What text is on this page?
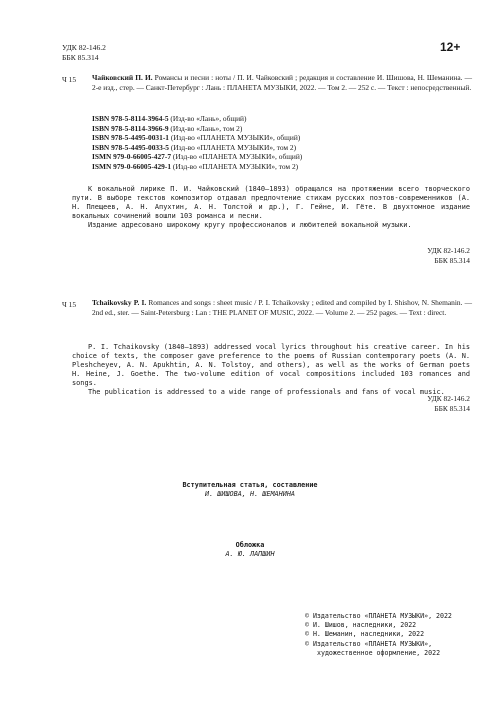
УДК 82-146.2
ББК 85.314
12+
Ч 15 Чайковский П. И. Романсы и песни : ноты / П. И. Чайковский ; редакция и составление И. Шишова, Н. Шеманина. — 2-е изд., стер. — Санкт-Петербург : Лань : ПЛАНЕТА МУЗЫКИ, 2022. — Том 2. — 252 с. — Текст : непосредственный.
ISBN 978-5-8114-3964-5 (Изд-во «Лань», общий)
ISBN 978-5-8114-3966-9 (Изд-во «Лань», том 2)
ISBN 978-5-4495-0031-1 (Изд-во «ПЛАНЕТА МУЗЫКИ», общий)
ISBN 978-5-4495-0033-5 (Изд-во «ПЛАНЕТА МУЗЫКИ», том 2)
ISMN 979-0-66005-427-7 (Изд-во «ПЛАНЕТА МУЗЫКИ», общий)
ISMN 979-0-66005-429-1 (Изд-во «ПЛАНЕТА МУЗЫКИ», том 2)

К вокальной лирике П. И. Чайковский (1840–1893) обращался на протяжении всего творческого пути. В выборе текстов композитор отдавал предпочтение стихам русских поэтов-современников (А. Н. Плещеев, А. Н. Апухтин, А. Н. Толстой и др.), Г. Гейне, И. Гёте. В двухтомное издание вокальных сочинений вошли 103 романса и песни.

Издание адресовано широкому кругу профессионалов и любителей вокальной музыки.

УДК 82-146.2
ББК 85.314
Ч 15 Tchaikovsky P. I. Romances and songs : sheet music / P. I. Tchaikovsky ; edited and compiled by I. Shishov, N. Shemanin. — 2nd ed., ster. — Saint-Petersburg : Lan : THE PLANET OF MUSIC, 2022. — Volume 2. — 252 pages. — Text : direct.

P. I. Tchaikovsky (1840–1893) addressed vocal lyrics throughout his creative career. In his choice of texts, the composer gave preference to the poems of Russian contemporary poets (A. N. Pleshcheyev, A. N. Apukhtin, A. N. Tolstoy, and others), as well as the works of German poets H. Heine, J. Goethe. The two-volume edition of vocal compositions included 103 romances and songs.

The publication is addressed to a wide range of professionals and fans of vocal music.

УДК 82-146.2
ББК 85.314
Вступительная статья, составление
И. ШИШОВА, Н. ШЕМАНИНА
Обложка
А. Ю. ЛАПШИН
© Издательство «ПЛАНЕТА МУЗЫКИ», 2022
© И. Шишов, наследники, 2022
© Н. Шеманин, наследники, 2022
© Издательство «ПЛАНЕТА МУЗЫКИ»,
художественное оформление, 2022
